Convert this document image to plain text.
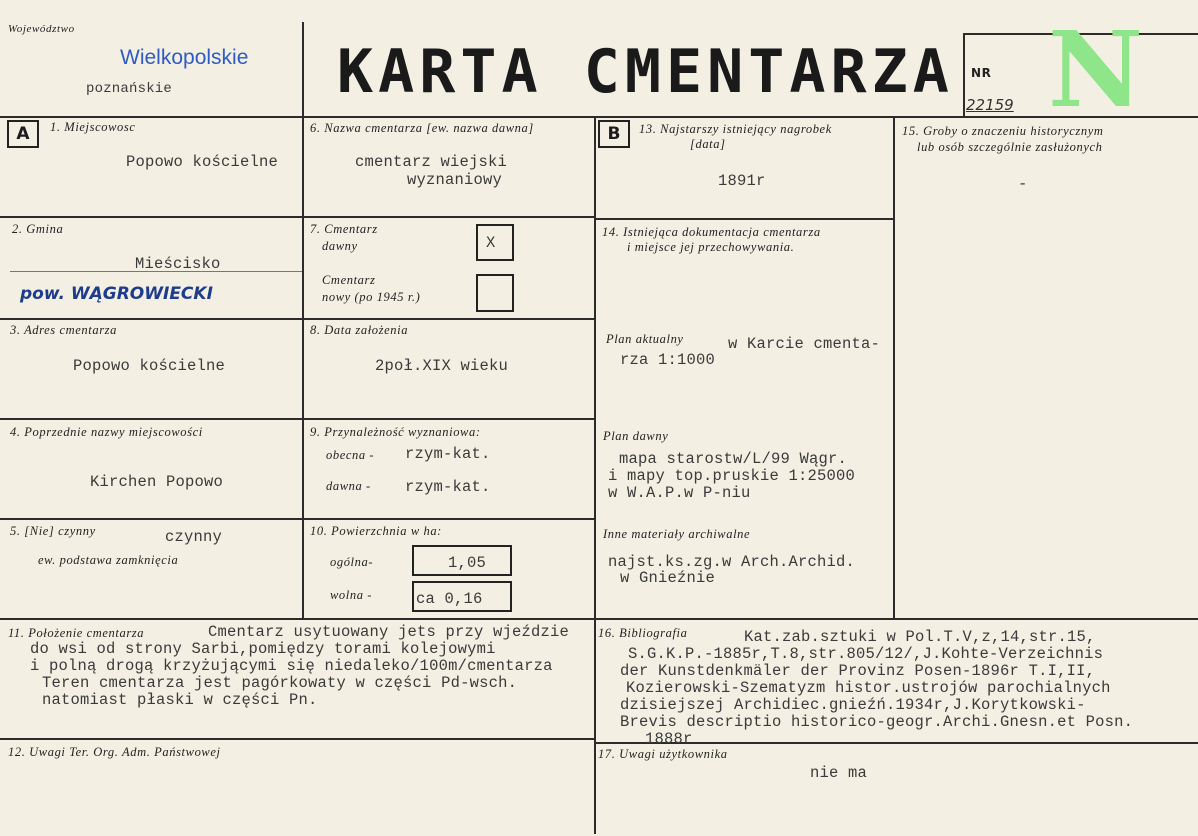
Województwo
Wielkopolskie
poznańskie	KARTA CMENTARZA NR
22159 N
A	1. Miejscowosc
Popowo kościelne
2. Gmina
Mieścisko
pow. WĄGROWIECKI
3. Adres cmentarza
Popowo kościelne
4. Poprzednie nazwy miejscowości
Kirchen Popowo
5. [Nie] czynny	czynny
ew. podstawa zamknięcia
6. Nazwa cmentarza [ew. nazwa dawna]
cmentarz wiejski
wyznaniowy
7. Cmentarz
dawny	X
Cmentarz
nowy (po 1945 r.)
8. Data założenia
2poł.XIX wieku
9. Przynależność wyznaniowa:
obecna - rzym-kat.
dawna - rzym-kat.
10. Powierzchnia w ha:
ogólna-	1,05
wolna -	ca 0,16
B	13. Najstarszy istniejący nagrobek
[data]
1891r
14. Istniejąca dokumentacja cmentarza
i miejsce jej przechowywania.
Plan aktualny	w Karcie cmenta-
rza 1:1000
Plan dawny
mapa starostw/L/99 Wągr.
i mapy top.pruskie 1:25000
w W.A.P.w P-niu
Inne materiały archiwalne
najst.ks.zg.w Arch.Archid.
w Gnieźnie
15. Groby o znaczeniu historycznym
lub osób szczególnie zasłużonych
-
11. Położenie cmentarza	Cmentarz usytuowany jets przy wjeździe
do wsi od strony Sarbi,pomiędzy torami kolejowymi
i polną drogą krzyżującymi się niedaleko/100m/cmentarza
Teren cmentarza jest pagórkowaty w części Pd-wsch.
natomiast płaski w części Pn.
12. Uwagi Ter. Org. Adm. Państwowej
16. Bibliografia	Kat.zab.sztuki w Pol.T.V,z,14,str.15,
S.G.K.P.-1885r,T.8,str.805/12/,J.Kohte-Verzeichnis
der Kunstdenkmäler der Provinz Posen-1896r T.I,II,
Kozierowski-Szematyzm histor.ustrojów parochialnych
dzisiejszej Archidiec.gnieźń.1934r,J.Korytkowski-
Brevis descriptio historico-geogr.Archi.Gnesn.et Posn.
1888r
17. Uwagi użytkownika
nie ma
